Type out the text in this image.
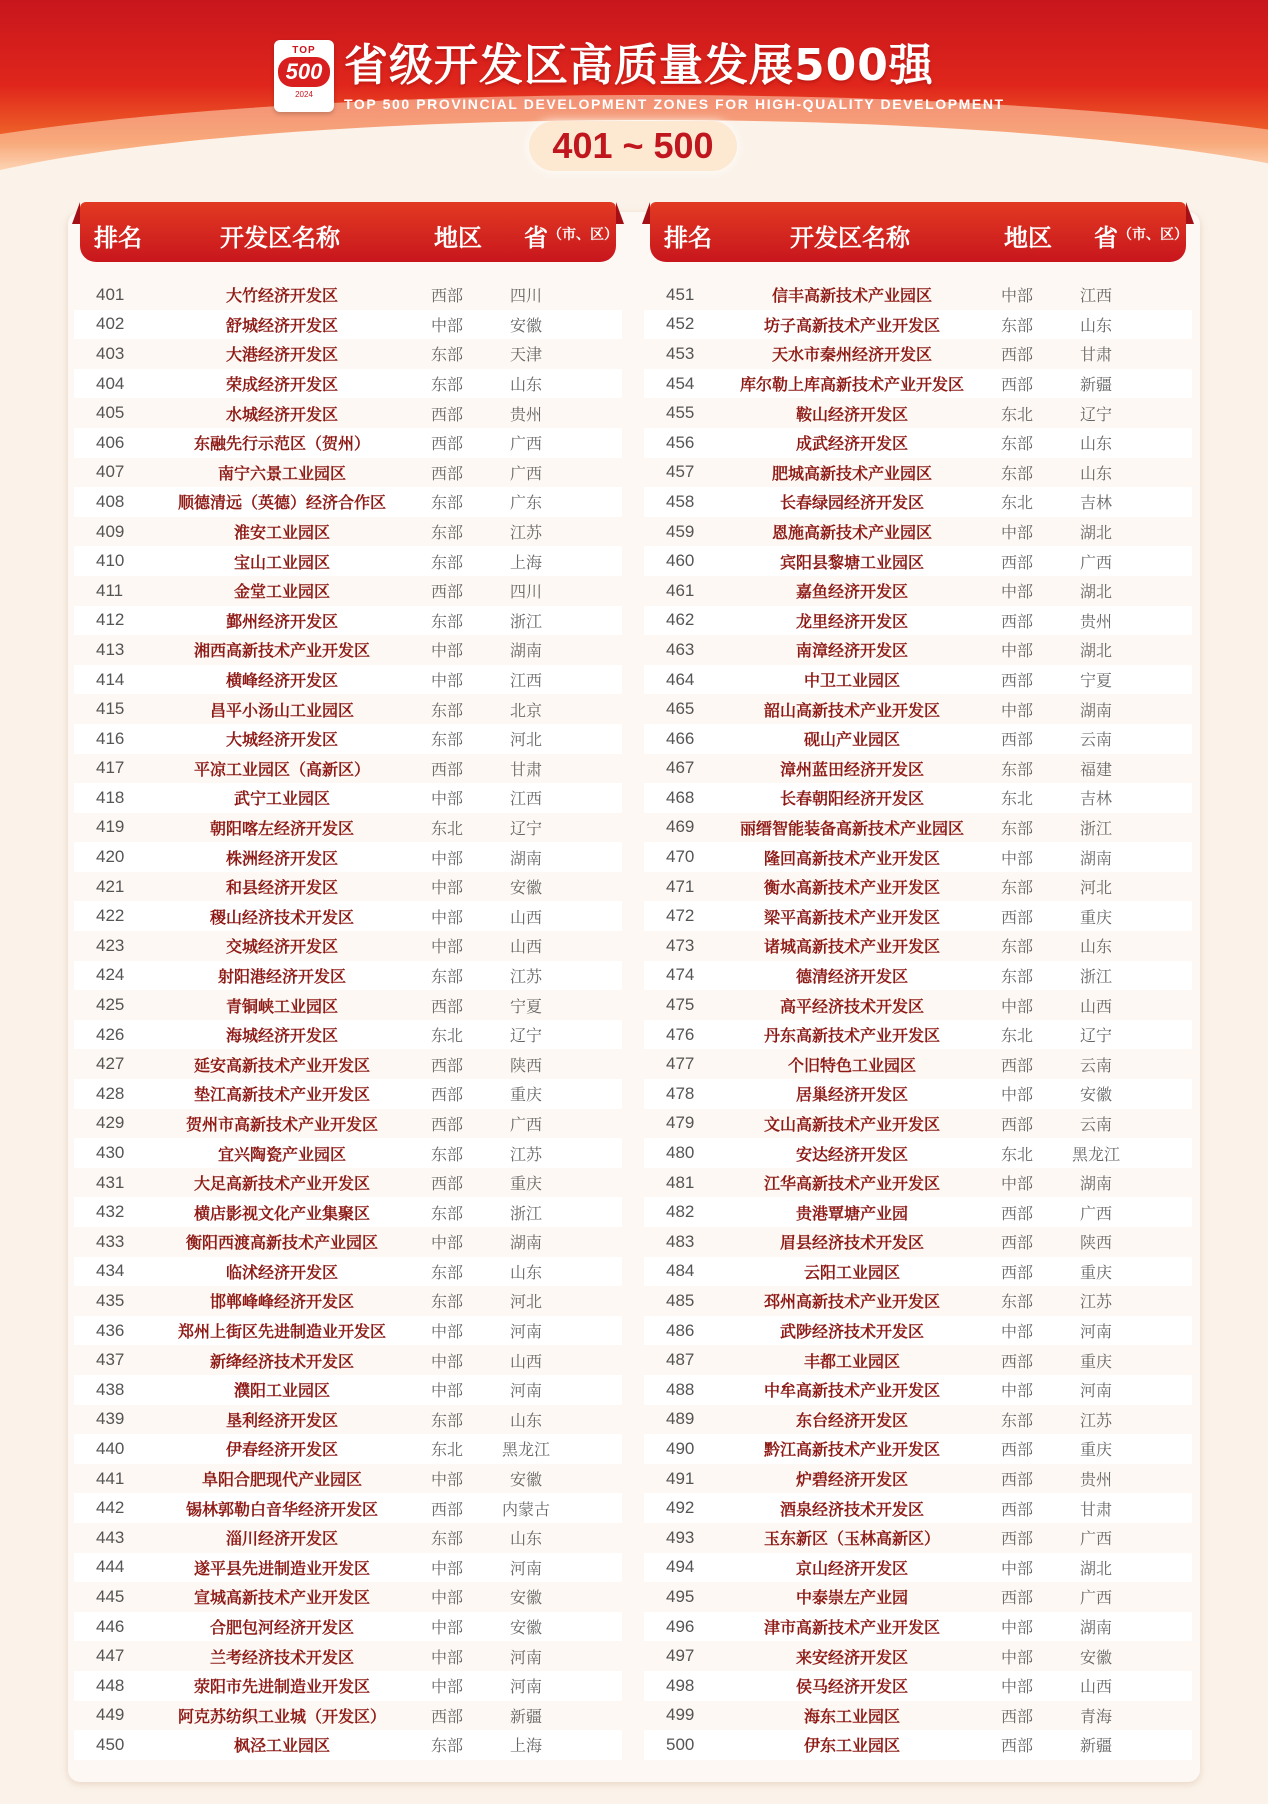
TOP
500
2024
省级开发区高质量发展500强
TOP 500 PROVINCIAL DEVELOPMENT ZONES FOR HIGH-QUALITY DEVELOPMENT
401 ~ 500
排名	开发区名称	地区 省 （市、区）
401	大竹经济开发区	西部	四川
402	舒城经济开发区	中部	安徽
403	大港经济开发区	东部	天津
404	荣成经济开发区	东部	山东
405	水城经济开发区	西部	贵州
406	东融先行示范区（贺州）	西部	广西
407	南宁六景工业园区	西部	广西
408	顺德清远（英德）经济合作区	东部	广东
409	淮安工业园区	东部	江苏
410	宝山工业园区	东部	上海
411	金堂工业园区	西部	四川
412	鄞州经济开发区	东部	浙江
413	湘西高新技术产业开发区	中部	湖南
414	横峰经济开发区	中部	江西
415	昌平小汤山工业园区	东部	北京
416	大城经济开发区	东部	河北
417	平凉工业园区（高新区）	西部	甘肃
418	武宁工业园区	中部	江西
419	朝阳喀左经济开发区	东北	辽宁
420	株洲经济开发区	中部	湖南
421	和县经济开发区	中部	安徽
422	稷山经济技术开发区	中部	山西
423	交城经济开发区	中部	山西
424	射阳港经济开发区	东部	江苏
425	青铜峡工业园区	西部	宁夏
426	海城经济开发区	东北	辽宁
427	延安高新技术产业开发区	西部	陕西
428	垫江高新技术产业开发区	西部	重庆
429	贺州市高新技术产业开发区	西部	广西
430	宜兴陶瓷产业园区	东部	江苏
431	大足高新技术产业开发区	西部	重庆
432	横店影视文化产业集聚区	东部	浙江
433	衡阳西渡高新技术产业园区	中部	湖南
434	临沭经济开发区	东部	山东
435	邯郸峰峰经济开发区	东部	河北
436	郑州上街区先进制造业开发区	中部	河南
437	新绛经济技术开发区	中部	山西
438	濮阳工业园区	中部	河南
439	垦利经济开发区	东部	山东
440	伊春经济开发区	东北	黑龙江
441	阜阳合肥现代产业园区	中部	安徽
442	锡林郭勒白音华经济开发区	西部	内蒙古
443	淄川经济开发区	东部	山东
444	遂平县先进制造业开发区	中部	河南
445	宣城高新技术产业开发区	中部	安徽
446	合肥包河经济开发区	中部	安徽
447	兰考经济技术开发区	中部	河南
448	荥阳市先进制造业开发区	中部	河南
449	阿克苏纺织工业城（开发区）	西部	新疆
450	枫泾工业园区	东部	上海
排名	开发区名称	地区 省 （市、区）
451	信丰高新技术产业园区	中部	江西
452	坊子高新技术产业开发区	东部	山东
453	天水市秦州经济开发区	西部	甘肃
454	库尔勒上库高新技术产业开发区	西部	新疆
455	鞍山经济开发区	东北	辽宁
456	成武经济开发区	东部	山东
457	肥城高新技术产业园区	东部	山东
458	长春绿园经济开发区	东北	吉林
459	恩施高新技术产业园区	中部	湖北
460	宾阳县黎塘工业园区	西部	广西
461	嘉鱼经济开发区	中部	湖北
462	龙里经济开发区	西部	贵州
463	南漳经济开发区	中部	湖北
464	中卫工业园区	西部	宁夏
465	韶山高新技术产业开发区	中部	湖南
466	砚山产业园区	西部	云南
467	漳州蓝田经济开发区	东部	福建
468	长春朝阳经济开发区	东北	吉林
469	丽缙智能装备高新技术产业园区	东部	浙江
470	隆回高新技术产业开发区	中部	湖南
471	衡水高新技术产业开发区	东部	河北
472	梁平高新技术产业开发区	西部	重庆
473	诸城高新技术产业开发区	东部	山东
474	德清经济开发区	东部	浙江
475	高平经济技术开发区	中部	山西
476	丹东高新技术产业开发区	东北	辽宁
477	个旧特色工业园区	西部	云南
478	居巢经济开发区	中部	安徽
479	文山高新技术产业开发区	西部	云南
480	安达经济开发区	东北	黑龙江
481	江华高新技术产业开发区	中部	湖南
482	贵港覃塘产业园	西部	广西
483	眉县经济技术开发区	西部	陕西
484	云阳工业园区	西部	重庆
485	邳州高新技术产业开发区	东部	江苏
486	武陟经济技术开发区	中部	河南
487	丰都工业园区	西部	重庆
488	中牟高新技术产业开发区	中部	河南
489	东台经济开发区	东部	江苏
490	黔江高新技术产业开发区	西部	重庆
491	炉碧经济开发区	西部	贵州
492	酒泉经济技术开发区	西部	甘肃
493	玉东新区（玉林高新区）	西部	广西
494	京山经济开发区	中部	湖北
495	中泰崇左产业园	西部	广西
496	津市高新技术产业开发区	中部	湖南
497	来安经济开发区	中部	安徽
498	侯马经济开发区	中部	山西
499	海东工业园区	西部	青海
500	伊东工业园区	西部	新疆
